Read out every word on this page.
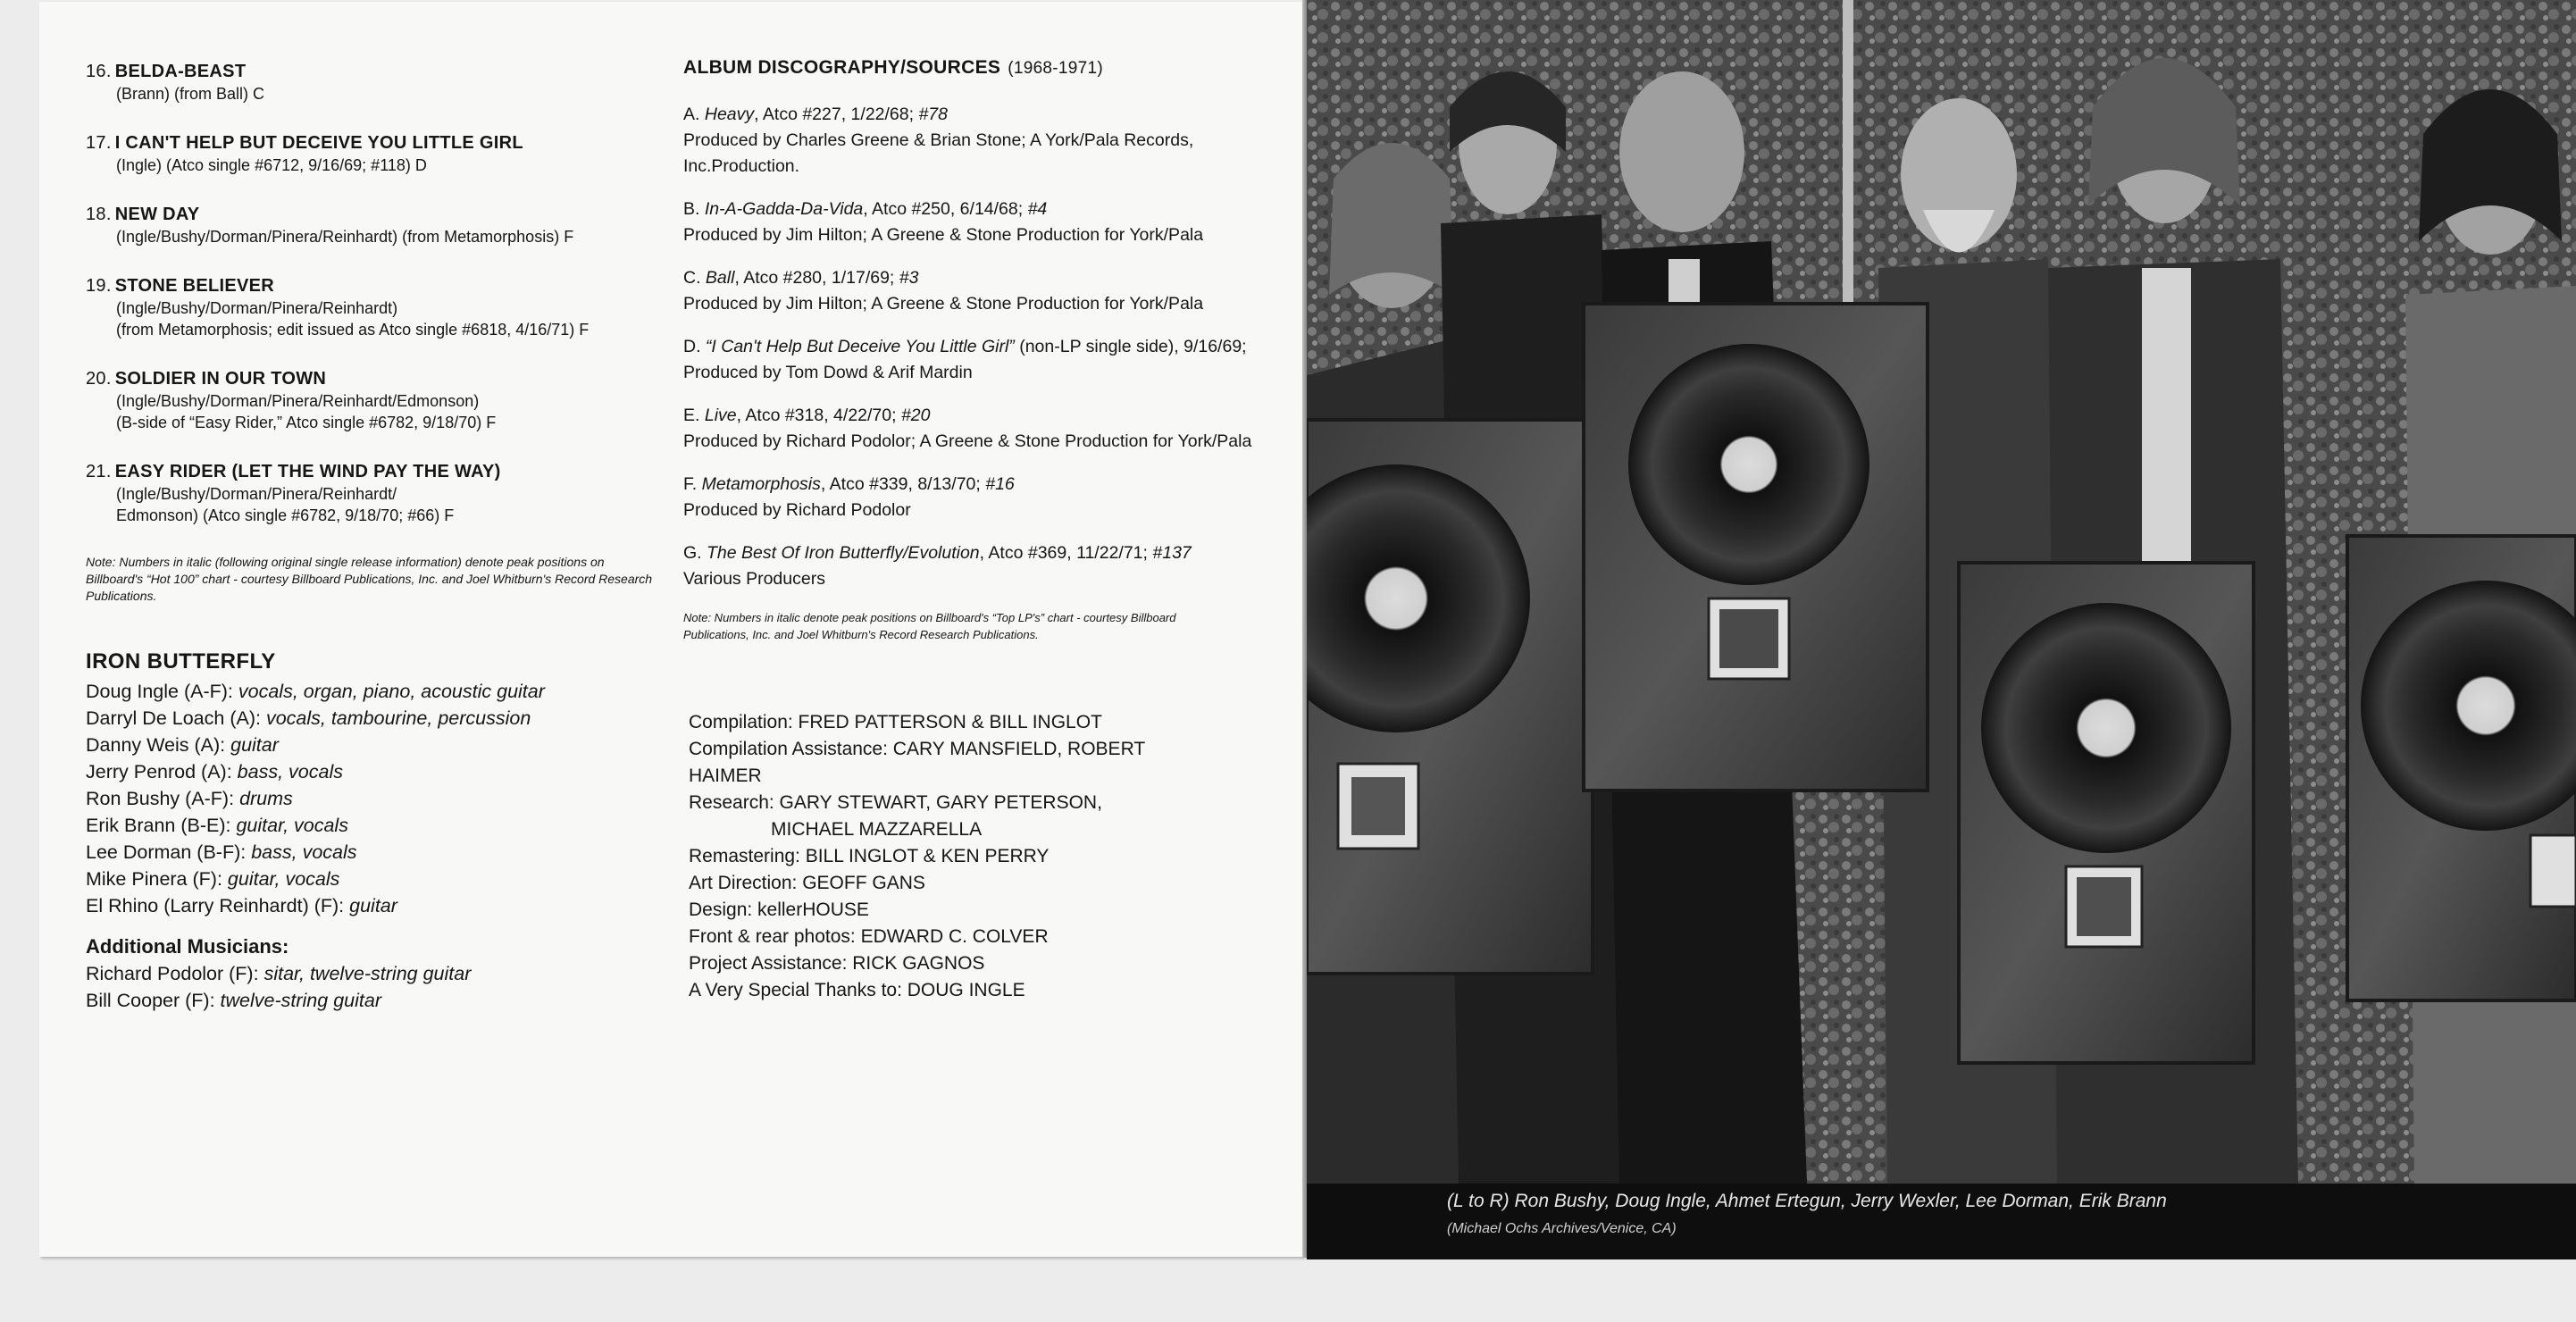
16. BELDA-BEAST
(Brann) (from Ball) C
17. I CAN'T HELP BUT DECEIVE YOU LITTLE GIRL
(Ingle) (Atco single #6712, 9/16/69; #118) D
18. NEW DAY
(Ingle/Bushy/Dorman/Pinera/Reinhardt) (from Metamorphosis) F
19. STONE BELIEVER
(Ingle/Bushy/Dorman/Pinera/Reinhardt)
(from Metamorphosis; edit issued as Atco single #6818, 4/16/71) F
20. SOLDIER IN OUR TOWN
(Ingle/Bushy/Dorman/Pinera/Reinhardt/Edmonson)
(B-side of “Easy Rider,” Atco single #6782, 9/18/70) F
21. EASY RIDER (LET THE WIND PAY THE WAY)
(Ingle/Bushy/Dorman/Pinera/Reinhardt/
Edmonson) (Atco single #6782, 9/18/70; #66) F
Note: Numbers in italic (following original single release information) denote peak positions on Billboard's “Hot 100” chart - courtesy Billboard Publications, Inc. and Joel Whitburn's Record Research Publications.
IRON BUTTERFLY
Doug Ingle (A-F): vocals, organ, piano, acoustic guitar
Darryl De Loach (A): vocals, tambourine, percussion
Danny Weis (A): guitar
Jerry Penrod (A): bass, vocals
Ron Bushy (A-F): drums
Erik Brann (B-E): guitar, vocals
Lee Dorman (B-F): bass, vocals
Mike Pinera (F): guitar, vocals
El Rhino (Larry Reinhardt) (F): guitar
Additional Musicians:
Richard Podolor (F): sitar, twelve-string guitar
Bill Cooper (F): twelve-string guitar
ALBUM DISCOGRAPHY/SOURCES (1968-1971)
A. Heavy, Atco #227, 1/22/68; #78
Produced by Charles Greene & Brian Stone; A York/Pala Records, Inc.Production.
B. In-A-Gadda-Da-Vida, Atco #250, 6/14/68; #4
Produced by Jim Hilton; A Greene & Stone Production for York/Pala
C. Ball, Atco #280, 1/17/69; #3
Produced by Jim Hilton; A Greene & Stone Production for York/Pala
D. “I Can't Help But Deceive You Little Girl” (non-LP single side), 9/16/69; Produced by Tom Dowd & Arif Mardin
E. Live, Atco #318, 4/22/70; #20
Produced by Richard Podolor; A Greene & Stone Production for York/Pala
F. Metamorphosis, Atco #339, 8/13/70; #16
Produced by Richard Podolor
G. The Best Of Iron Butterfly/Evolution, Atco #369, 11/22/71; #137
Various Producers
Note: Numbers in italic denote peak positions on Billboard's “Top LP's” chart - courtesy Billboard Publications, Inc. and Joel Whitburn's Record Research Publications.
Compilation: FRED PATTERSON & BILL INGLOT
Compilation Assistance: CARY MANSFIELD, ROBERT
HAIMER
Research: GARY STEWART, GARY PETERSON,
MICHAEL MAZZARELLA
Remastering: BILL INGLOT & KEN PERRY
Art Direction: GEOFF GANS
Design: kellerHOUSE
Front & rear photos: EDWARD C. COLVER
Project Assistance: RICK GAGNOS
A Very Special Thanks to: DOUG INGLE
(L to R) Ron Bushy, Doug Ingle, Ahmet Ertegun, Jerry Wexler, Lee Dorman, Erik Brann
(Michael Ochs Archives/Venice, CA)
